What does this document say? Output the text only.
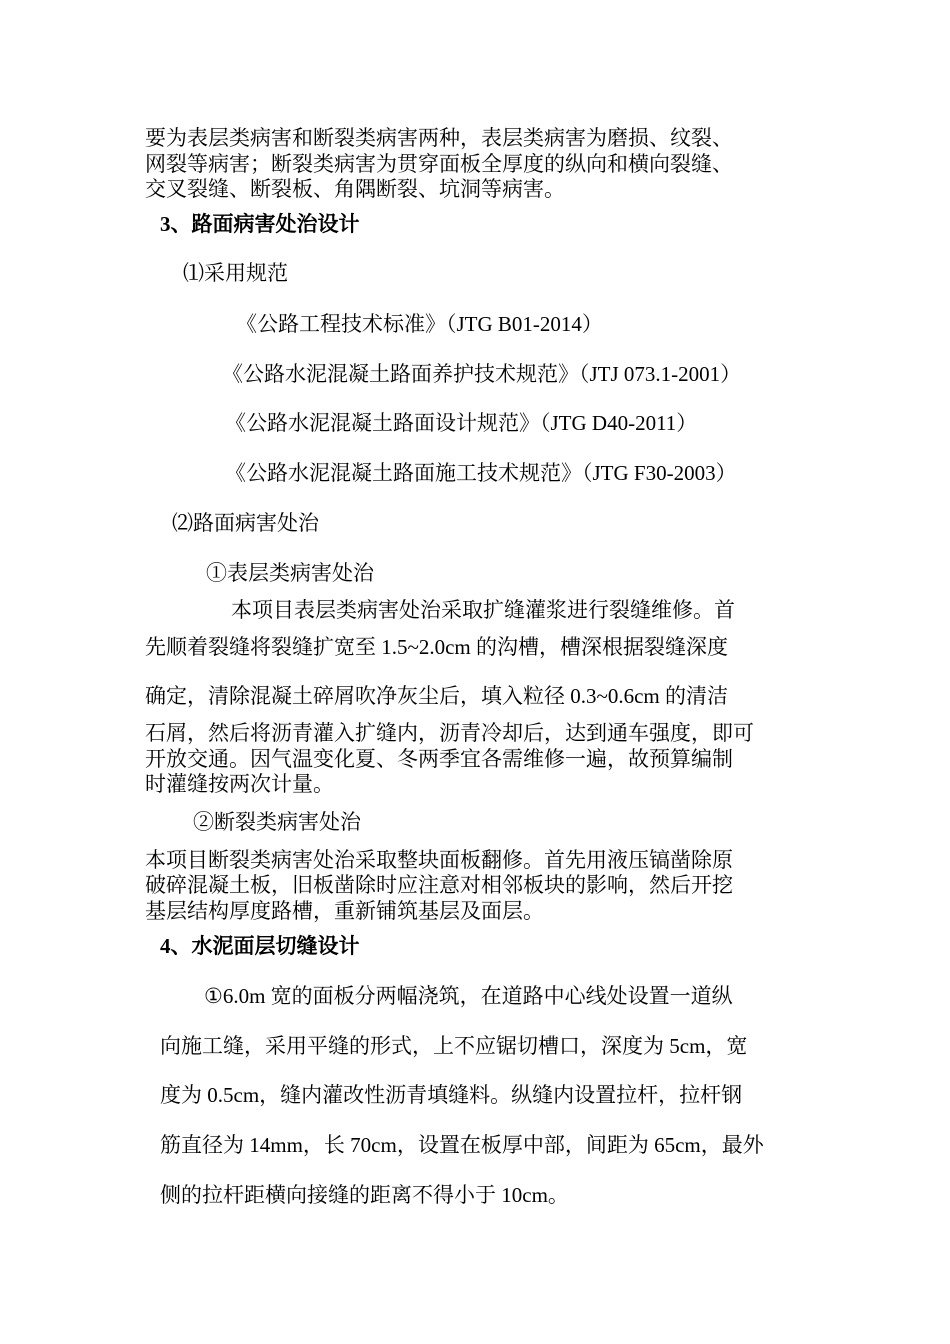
要为表层类病害和断裂类病害两种，表层类病害为磨损、纹裂、
网裂等病害；断裂类病害为贯穿面板全厚度的纵向和横向裂缝、
交叉裂缝、断裂板、角隅断裂、坑洞等病害。
3、路面病害处治设计
⑴采用规范
《公路工程技术标准》（JTG B01-2014）
《公路水泥混凝土路面养护技术规范》（JTJ 073.1-2001）
《公路水泥混凝土路面设计规范》（JTG D40-2011）
《公路水泥混凝土路面施工技术规范》（JTG F30-2003）
⑵路面病害处治
①表层类病害处治
本项目表层类病害处治采取扩缝灌浆进行裂缝维修。首
先顺着裂缝将裂缝扩宽至 1.5~2.0cm 的沟槽，槽深根据裂缝深度
确定，清除混凝土碎屑吹净灰尘后，填入粒径 0.3~0.6cm 的清洁
石屑，然后将沥青灌入扩缝内，沥青冷却后，达到通车强度，即可
开放交通。因气温变化夏、冬两季宜各需维修一遍，故预算编制
时灌缝按两次计量。
②断裂类病害处治
本项目断裂类病害处治采取整块面板翻修。首先用液压镐凿除原
破碎混凝土板，旧板凿除时应注意对相邻板块的影响，然后开挖
基层结构厚度路槽，重新铺筑基层及面层。
4、水泥面层切缝设计
①6.0m 宽的面板分两幅浇筑，在道路中心线处设置一道纵
向施工缝，采用平缝的形式，上不应锯切槽口，深度为 5cm，宽
度为 0.5cm，缝内灌改性沥青填缝料。纵缝内设置拉杆，拉杆钢
筋直径为 14mm，长 70cm，设置在板厚中部，间距为 65cm，最外
侧的拉杆距横向接缝的距离不得小于 10cm。
